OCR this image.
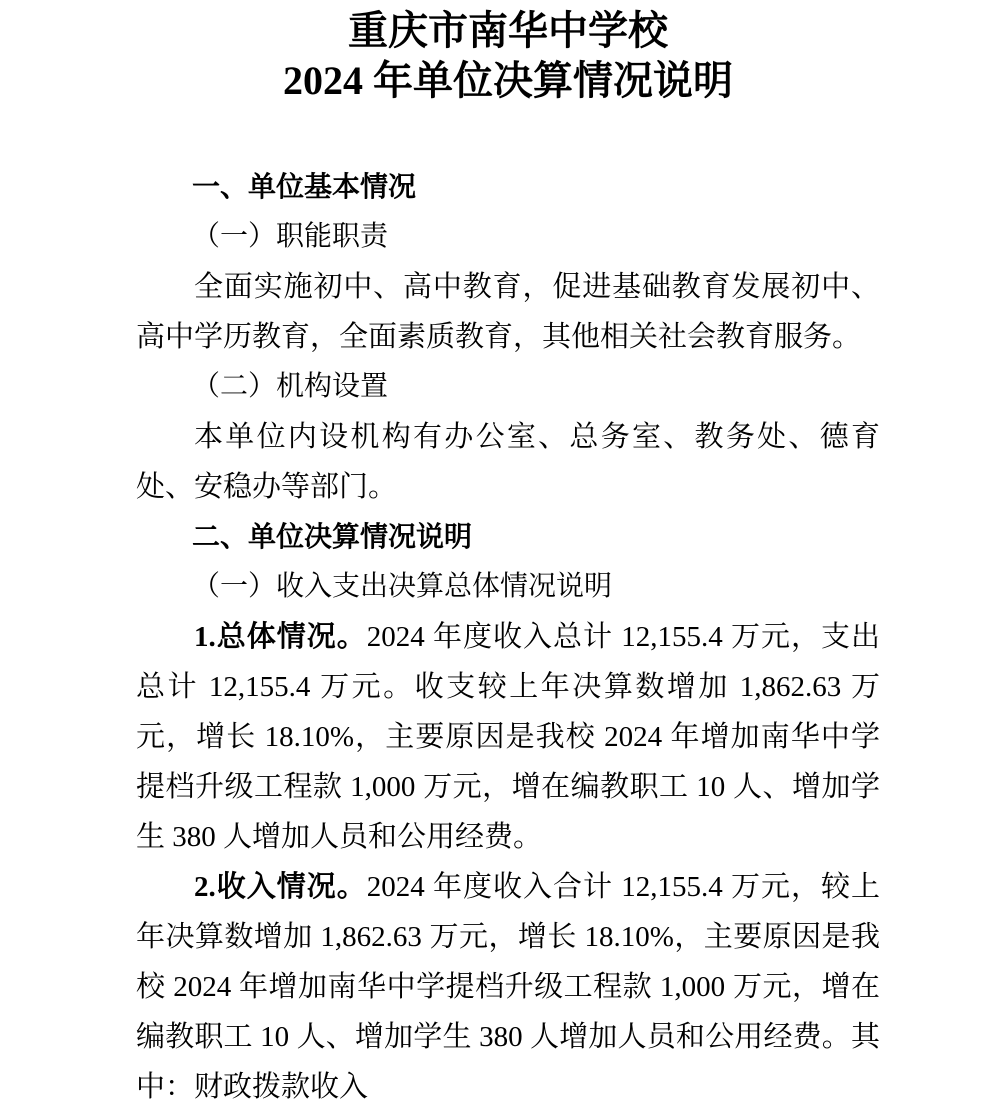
重庆市南华中学校
2024 年单位决算情况说明
一、单位基本情况
（一）职能职责

全面实施初中、高中教育，促进基础教育发展初中、高中学历教育，全面素质教育，其他相关社会教育服务。

（二）机构设置

本单位内设机构有办公室、总务室、教务处、德育处、安稳办等部门。

二、单位决算情况说明
（一）收入支出决算总体情况说明

1.总体情况。2024 年度收入总计 12,155.4 万元，支出总计 12,155.4 万元。收支较上年决算数增加 1,862.63 万元，增长 18.10%，主要原因是我校 2024 年增加南华中学提档升级工程款 1,000 万元，增在编教职工 10 人、增加学生 380 人增加人员和公用经费。

2.收入情况。2024 年度收入合计 12,155.4 万元，较上年决算数增加 1,862.63 万元，增长 18.10%，主要原因是我校 2024 年增加南华中学提档升级工程款 1,000 万元，增在编教职工 10 人、增加学生 380 人增加人员和公用经费。其中：财政拨款收入
